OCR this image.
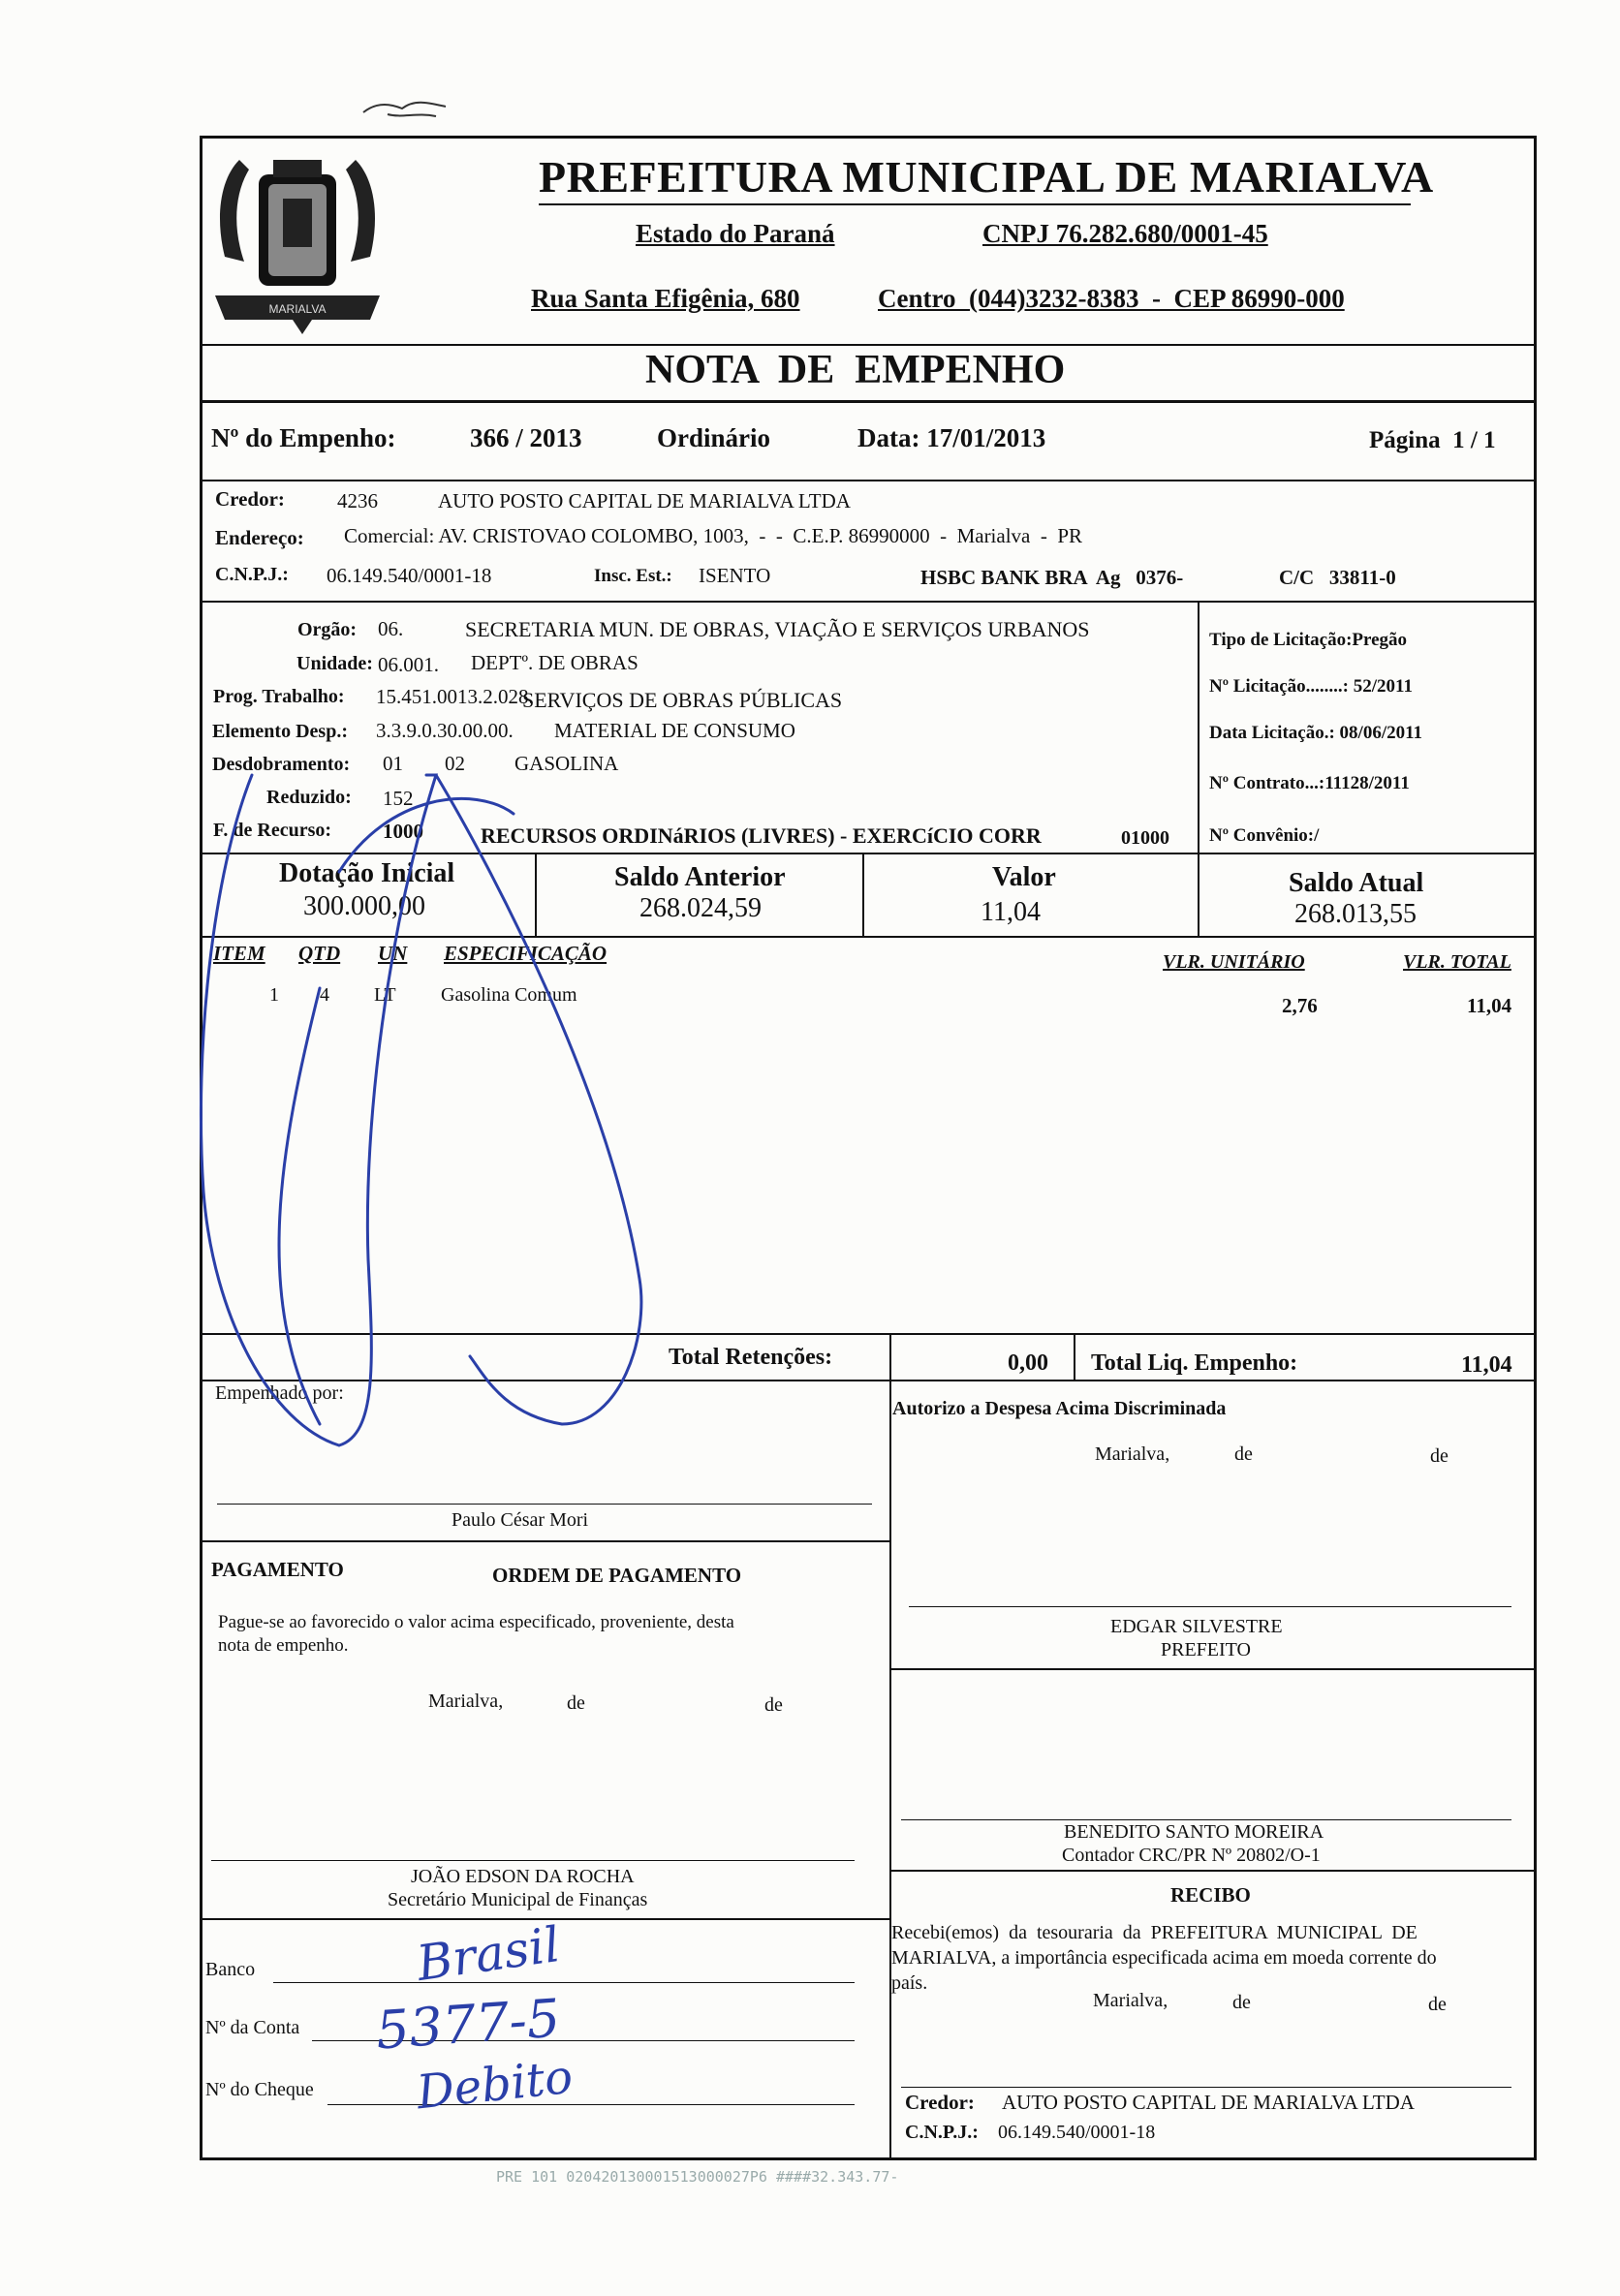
MARIALVA
PREFEITURA MUNICIPAL DE MARIALVA
Estado do Paraná	CNPJ 76.282.680/0001-45
Rua Santa Efigênia, 680	Centro  (044)3232-8383  -  CEP 86990-000
NOTA  DE  EMPENHO
Nº do Empenho:	366 / 2013	Ordinário	Data: 17/01/2013	Página  1 / 1
Credor:	4236	AUTO POSTO CAPITAL DE MARIALVA LTDA
Endereço: Comercial: AV. CRISTOVAO COLOMBO, 1003,  -  -  C.E.P. 86990000  -  Marialva  -  PR
C.N.P.J.: 06.149.540/0001-18	Insc. Est.: ISENTO	HSBC BANK BRA  Ag   0376-	C/C   33811-0
Orgão: 06.	SECRETARIA MUN. DE OBRAS, VIAÇÃO E SERVIÇOS URBANOS
Unidade: 06.001. DEPTº. DE OBRAS
Prog. Trabalho: 15.451.0013.2.028.
SERVIÇOS DE OBRAS PÚBLICAS
Elemento Desp.: 3.3.9.0.30.00.00. MATERIAL DE CONSUMO
Desdobramento: 01 02 GASOLINA
Reduzido: 152
F. de Recurso:	1000	RECURSOS ORDINáRIOS (LIVRES) - EXERCíCIO CORR	01000
Tipo de Licitação:Pregão
Nº Licitação........: 52/2011
Data Licitação.: 08/06/2011
Nº Contrato...:11128/2011
Nº Convênio:/
Dotação Inicial
300.000,00
Saldo Anterior
268.024,59
Valor
11,04
Saldo Atual
268.013,55
ITEM QTD UN ESPECIFICAÇÃO	VLR. UNITÁRIO	VLR. TOTAL
1 4 LT Gasolina Comum	2,76	11,04
Total Retenções:	0,00 Total Liq. Empenho:	11,04
Empenhado por:
Paulo César Mori
Autorizo a Despesa Acima Discriminada
Marialva,	de	de
EDGAR SILVESTRE
PREFEITO
PAGAMENTO	ORDEM DE PAGAMENTO
Pague-se ao favorecido o valor acima especificado, proveniente, desta
nota de empenho.
Marialva,	de	de
JOÃO EDSON DA ROCHA
Secretário Municipal de Finanças
BENEDITO SANTO MOREIRA
Contador CRC/PR Nº 20802/O-1
RECIBO
Recebi(emos)  da  tesouraria  da  PREFEITURA  MUNICIPAL  DE
MARIALVA, a importância especificada acima em moeda corrente do
país.
Marialva,	de	de
Credor: AUTO POSTO CAPITAL DE MARIALVA LTDA
C.N.P.J.: 06.149.540/0001-18
Banco
Nº da Conta
Nº do Cheque
Brasil
5377-5
Debito
PRE 101 020420130001513000027P6 ####32.343.77-
